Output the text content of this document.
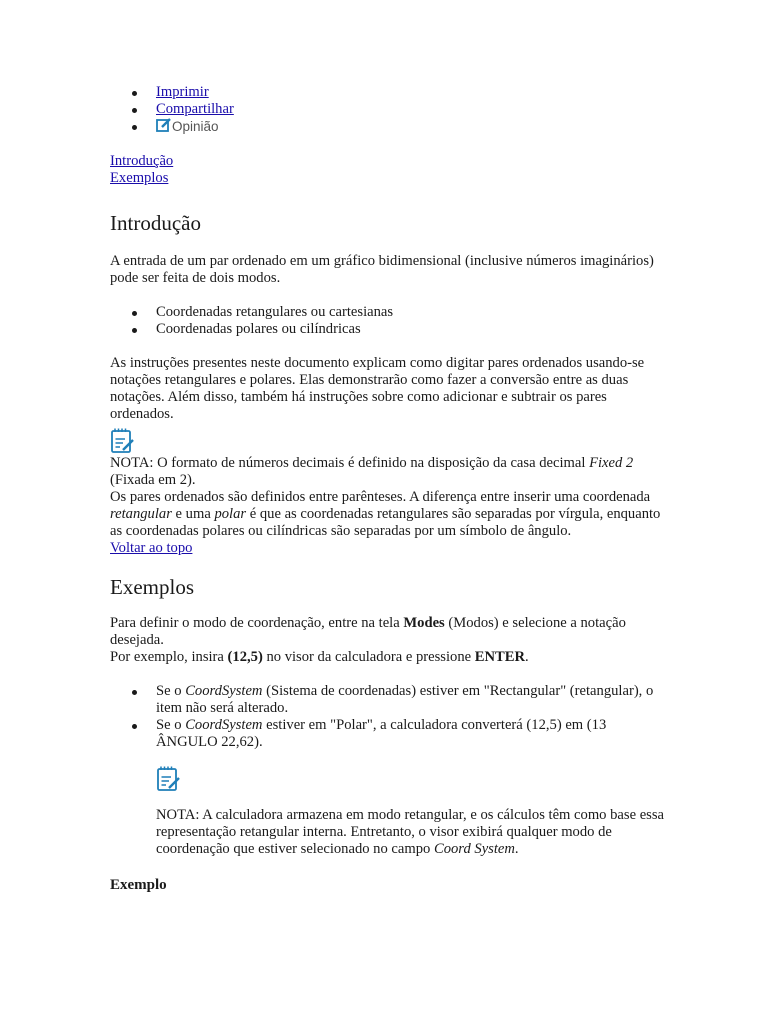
Imprimir
Compartilhar
Opinião
Introdução
Exemplos
Introdução

A entrada de um par ordenado em um gráfico bidimensional (inclusive números imaginários) pode ser feita de dois modos.

Coordenadas retangulares ou cartesianas
Coordenadas polares ou cilíndricas

As instruções presentes neste documento explicam como digitar pares ordenados usando-se notações retangulares e polares. Elas demonstrarão como fazer a conversão entre as duas notações. Além disso, também há instruções sobre como adicionar e subtrair os pares ordenados.

NOTA: O formato de números decimais é definido na disposição da casa decimal Fixed 2 (Fixada em 2).

Os pares ordenados são definidos entre parênteses. A diferença entre inserir uma coordenada retangular e uma polar é que as coordenadas retangulares são separadas por vírgula, enquanto as coordenadas polares ou cilíndricas são separadas por um símbolo de ângulo.

Voltar ao topo

Exemplos

Para definir o modo de coordenação, entre na tela Modes (Modos) e selecione a notação desejada.

Por exemplo, insira (12,5) no visor da calculadora e pressione ENTER.

Se o CoordSystem (Sistema de coordenadas) estiver em "Rectangular" (retangular), o item não será alterado.
Se o CoordSystem estiver em "Polar", a calculadora converterá (12,5) em (13 ÂNGULO 22,62).

NOTA: A calculadora armazena em modo retangular, e os cálculos têm como base essa representação retangular interna. Entretanto, o visor exibirá qualquer modo de coordenação que estiver selecionado no campo Coord System.

Exemplo
